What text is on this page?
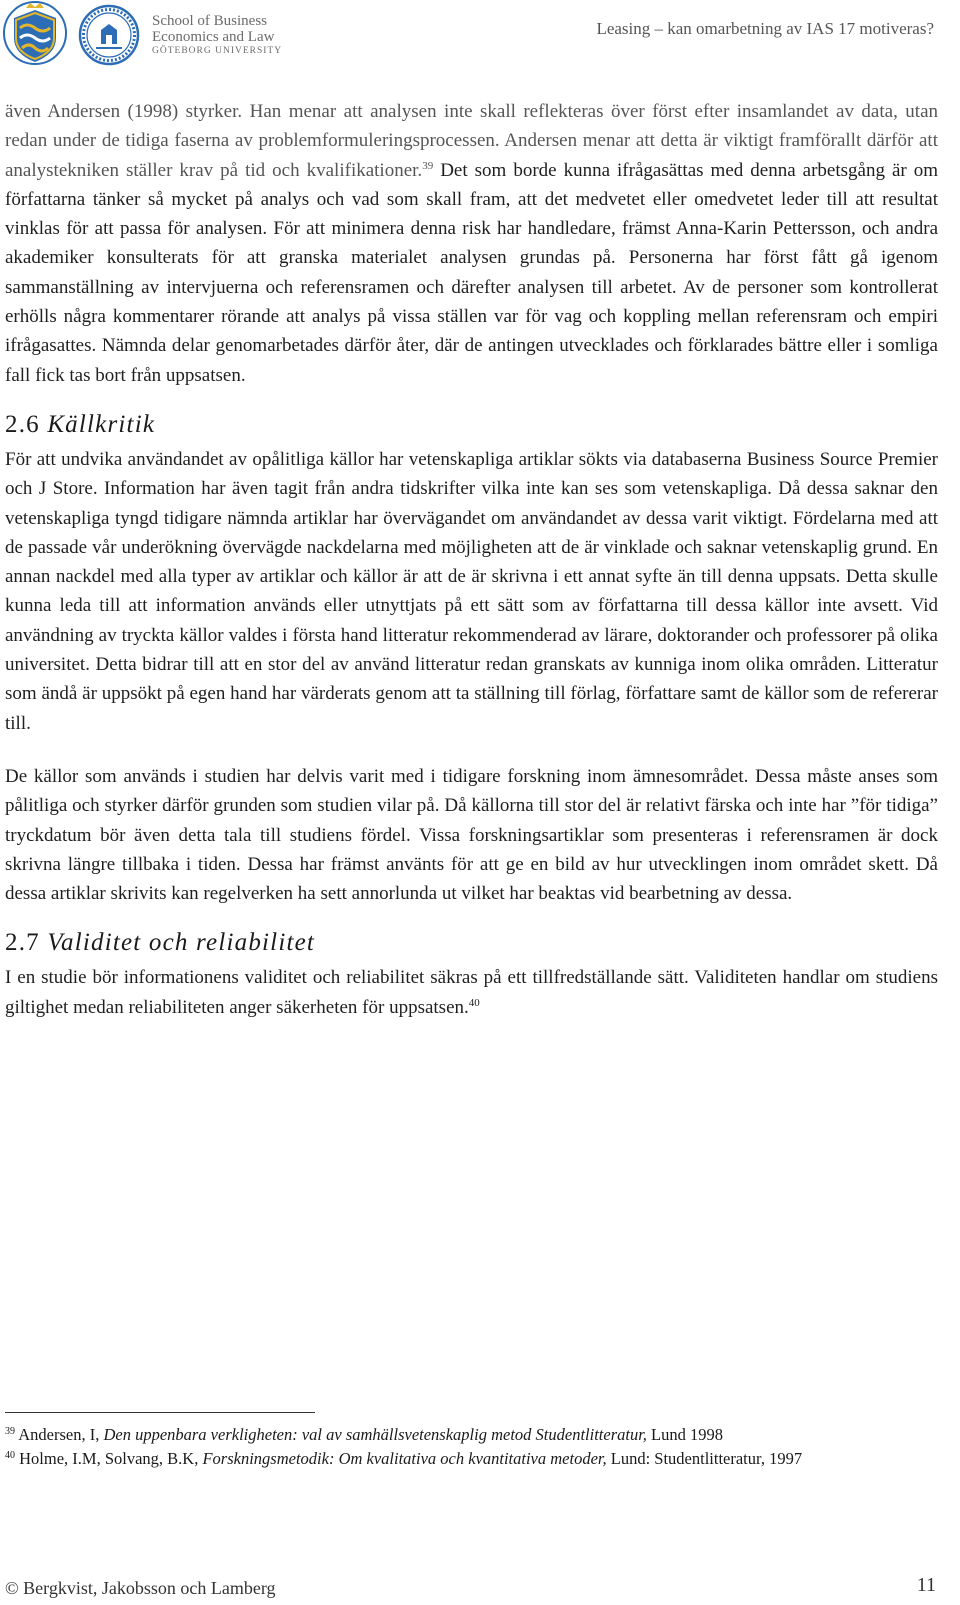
School of Business
Economics and Law
GÖTEBORG UNIVERSITY
Leasing – kan omarbetning av IAS 17 motiveras?

även Andersen (1998) styrker. Han menar att analysen inte skall reflekteras över först efter insamlandet av data, utan redan under de tidiga faserna av problemformuleringsprocessen. Andersen menar att detta är viktigt framförallt därför att analystekniken ställer krav på tid och kvalifikationer.$^{39}$ Det som borde kunna ifrågasättas med denna arbetsgång är om författarna tänker så mycket på analys och vad som skall fram, att det medvetet eller omedvetet leder till att resultat vinklas för att passa för analysen. För att minimera denna risk har handledare, främst Anna-Karin Pettersson, och andra akademiker konsulterats för att granska materialet analysen grundas på. Personerna har först fått gå igenom sammanställning av intervjuerna och referensramen och därefter analysen till arbetet. Av de personer som kontrollerat erhölls några kommentarer rörande att analys på vissa ställen var för vag och koppling mellan referensram och empiri ifrågasattes. Nämnda delar genomarbetades därför åter, där de antingen utvecklades och förklarades bättre eller i somliga fall fick tas bort från uppsatsen.

2.6 Källkritik

För att undvika användandet av opålitliga källor har vetenskapliga artiklar sökts via databaserna Business Source Premier och J Store. Information har även tagit från andra tidskrifter vilka inte kan ses som vetenskapliga. Då dessa saknar den vetenskapliga tyngd tidigare nämnda artiklar har övervägandet om användandet av dessa varit viktigt. Fördelarna med att de passade vår underökning övervägde nackdelarna med möjligheten att de är vinklade och saknar vetenskaplig grund. En annan nackdel med alla typer av artiklar och källor är att de är skrivna i ett annat syfte än till denna uppsats. Detta skulle kunna leda till att information används eller utnyttjats på ett sätt som av författarna till dessa källor inte avsett. Vid användning av tryckta källor valdes i första hand litteratur rekommenderad av lärare, doktorander och professorer på olika universitet. Detta bidrar till att en stor del av använd litteratur redan granskats av kunniga inom olika områden. Litteratur som ändå är uppsökt på egen hand har värderats genom att ta ställning till förlag, författare samt de källor som de refererar till.

De källor som används i studien har delvis varit med i tidigare forskning inom ämnesområdet. Dessa måste anses som pålitliga och styrker därför grunden som studien vilar på. Då källorna till stor del är relativt färska och inte har ”för tidiga” tryckdatum bör även detta tala till studiens fördel. Vissa forskningsartiklar som presenteras i referensramen är dock skrivna längre tillbaka i tiden. Dessa har främst använts för att ge en bild av hur utvecklingen inom området skett. Då dessa artiklar skrivits kan regelverken ha sett annorlunda ut vilket har beaktas vid bearbetning av dessa.

2.7 Validitet och reliabilitet

I en studie bör informationens validitet och reliabilitet säkras på ett tillfredställande sätt. Validiteten handlar om studiens giltighet medan reliabiliteten anger säkerheten för uppsatsen.$^{40}$

$^{39}$ Andersen, I, Den uppenbara verkligheten: val av samhällsvetenskaplig metod Studentlitteratur, Lund 1998

$^{40}$ Holme, I.M, Solvang, B.K, Forskningsmetodik: Om kvalitativa och kvantitativa metoder, Lund: Studentlitteratur, 1997

© Bergkvist, Jakobsson och Lamberg	11
